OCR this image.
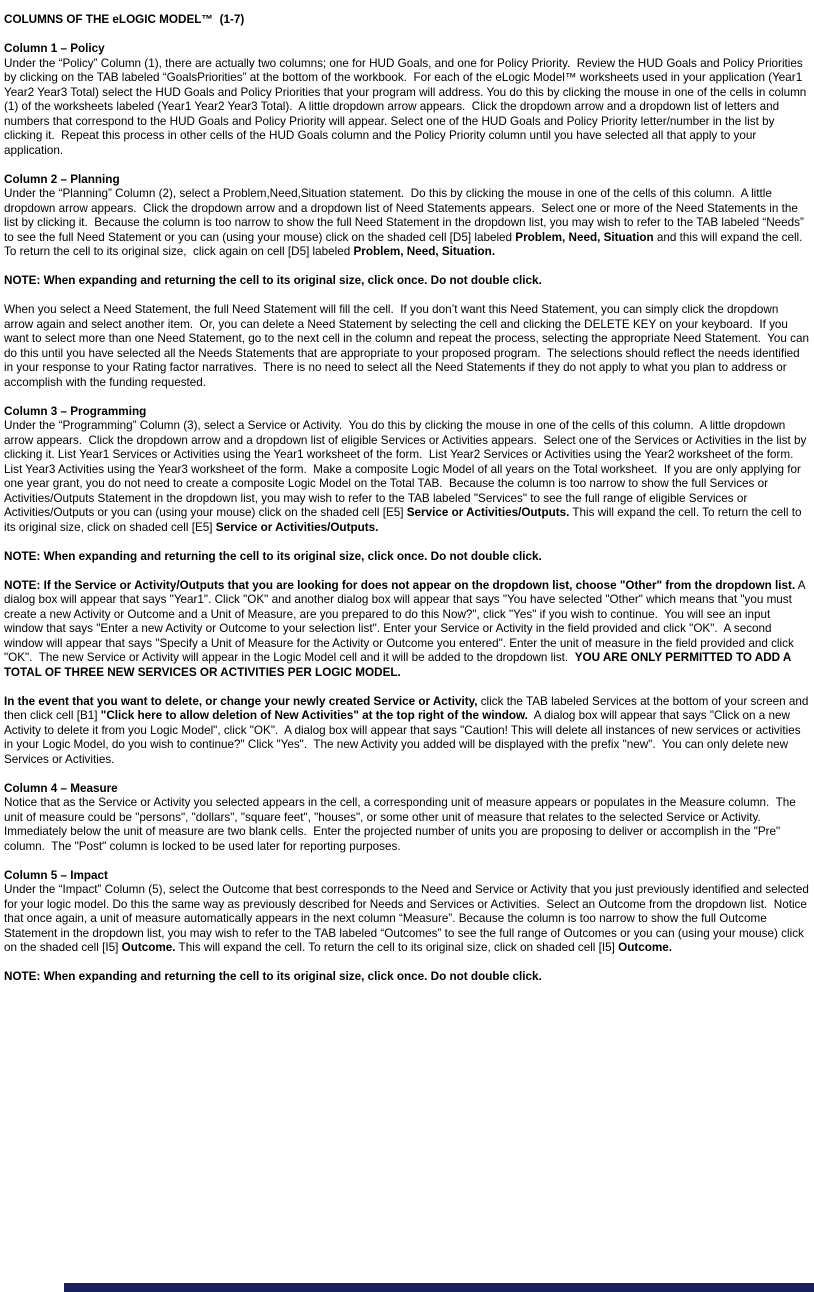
COLUMNS OF THE eLOGIC MODEL™  (1-7)
Column 1 – Policy
Under the “Policy” Column (1), there are actually two columns; one for HUD Goals, and one for Policy Priority.  Review the HUD Goals and Policy Priorities by clicking on the TAB labeled “GoalsPriorities” at the bottom of the workbook.  For each of the eLogic Model™ worksheets used in your application (Year1 Year2 Year3 Total) select the HUD Goals and Policy Priorities that your program will address. You do this by clicking the mouse in one of the cells in column (1) of the worksheets labeled (Year1 Year2 Year3 Total).  A little dropdown arrow appears.  Click the dropdown arrow and a dropdown list of letters and numbers that correspond to the HUD Goals and Policy Priority will appear. Select one of the HUD Goals and Policy Priority letter/number in the list by clicking it.  Repeat this process in other cells of the HUD Goals column and the Policy Priority column until you have selected all that apply to your application.
Column 2 – Planning
Under the “Planning” Column (2), select a Problem,Need,Situation statement.  Do this by clicking the mouse in one of the cells of this column.  A little dropdown arrow appears.  Click the dropdown arrow and a dropdown list of Need Statements appears.  Select one or more of the Need Statements in the list by clicking it.  Because the column is too narrow to show the full Need Statement in the dropdown list, you may wish to refer to the TAB labeled “Needs” to see the full Need Statement or you can (using your mouse) click on the shaded cell [D5] labeled Problem, Need, Situation and this will expand the cell.  To return the cell to its original size,  click again on cell [D5] labeled Problem, Need, Situation.
NOTE: When expanding and returning the cell to its original size, click once. Do not double click.
When you select a Need Statement, the full Need Statement will fill the cell.  If you don’t want this Need Statement, you can simply click the dropdown arrow again and select another item.  Or, you can delete a Need Statement by selecting the cell and clicking the DELETE KEY on your keyboard.  If you want to select more than one Need Statement, go to the next cell in the column and repeat the process, selecting the appropriate Need Statement.  You can do this until you have selected all the Needs Statements that are appropriate to your proposed program.  The selections should reflect the needs identified in your response to your Rating factor narratives.  There is no need to select all the Need Statements if they do not apply to what you plan to address or accomplish with the funding requested.
Column 3 – Programming
Under the “Programming” Column (3), select a Service or Activity.  You do this by clicking the mouse in one of the cells of this column.  A little dropdown arrow appears.  Click the dropdown arrow and a dropdown list of eligible Services or Activities appears.  Select one of the Services or Activities in the list by clicking it. List Year1 Services or Activities using the Year1 worksheet of the form.  List Year2 Services or Activities using the Year2 worksheet of the form.  List Year3 Activities using the Year3 worksheet of the form.  Make a composite Logic Model of all years on the Total worksheet.  If you are only applying for one year grant, you do not need to create a composite Logic Model on the Total TAB.  Because the column is too narrow to show the full Services or Activities/Outputs Statement in the dropdown list, you may wish to refer to the TAB labeled "Services" to see the full range of eligible Services or Activities/Outputs or you can (using your mouse) click on the shaded cell [E5] Service or Activities/Outputs. This will expand the cell. To return the cell to its original size, click on shaded cell [E5] Service or Activities/Outputs.
NOTE: When expanding and returning the cell to its original size, click once. Do not double click.
NOTE: If the Service or Activity/Outputs that you are looking for does not appear on the dropdown list, choose "Other" from the dropdown list. A dialog box will appear that says "Year1". Click "OK" and another dialog box will appear that says "You have selected "Other" which means that "you must create a new Activity or Outcome and a Unit of Measure, are you prepared to do this Now?", click "Yes" if you wish to continue.  You will see an input window that says "Enter a new Activity or Outcome to your selection list". Enter your Service or Activity in the field provided and click "OK".  A second window will appear that says "Specify a Unit of Measure for the Activity or Outcome you entered". Enter the unit of measure in the field provided and click "OK".  The new Service or Activity will appear in the Logic Model cell and it will be added to the dropdown list.  YOU ARE ONLY PERMITTED TO ADD A TOTAL OF THREE NEW SERVICES OR ACTIVITIES PER LOGIC MODEL.
In the event that you want to delete, or change your newly created Service or Activity, click the TAB labeled Services at the bottom of your screen and then click cell [B1] "Click here to allow deletion of New Activities" at the top right of the window.  A dialog box will appear that says "Click on a new Activity to delete it from you Logic Model", click "OK".  A dialog box will appear that says "Caution! This will delete all instances of new services or activities in your Logic Model, do you wish to continue?" Click "Yes".  The new Activity you added will be displayed with the prefix "new".  You can only delete new Services or Activities.
Column 4 – Measure
Notice that as the Service or Activity you selected appears in the cell, a corresponding unit of measure appears or populates in the Measure column.  The unit of measure could be "persons", "dollars", "square feet", "houses", or some other unit of measure that relates to the selected Service or Activity.  Immediately below the unit of measure are two blank cells.  Enter the projected number of units you are proposing to deliver or accomplish in the "Pre" column.  The "Post" column is locked to be used later for reporting purposes.
Column 5 – Impact
Under the “Impact” Column (5), select the Outcome that best corresponds to the Need and Service or Activity that you just previously identified and selected for your logic model. Do this the same way as previously described for Needs and Services or Activities.  Select an Outcome from the dropdown list.  Notice that once again, a unit of measure automatically appears in the next column “Measure”. Because the column is too narrow to show the full Outcome Statement in the dropdown list, you may wish to refer to the TAB labeled “Outcomes” to see the full range of Outcomes or you can (using your mouse) click on the shaded cell [I5] Outcome. This will expand the cell. To return the cell to its original size, click on shaded cell [I5] Outcome.
NOTE: When expanding and returning the cell to its original size, click once. Do not double click.
